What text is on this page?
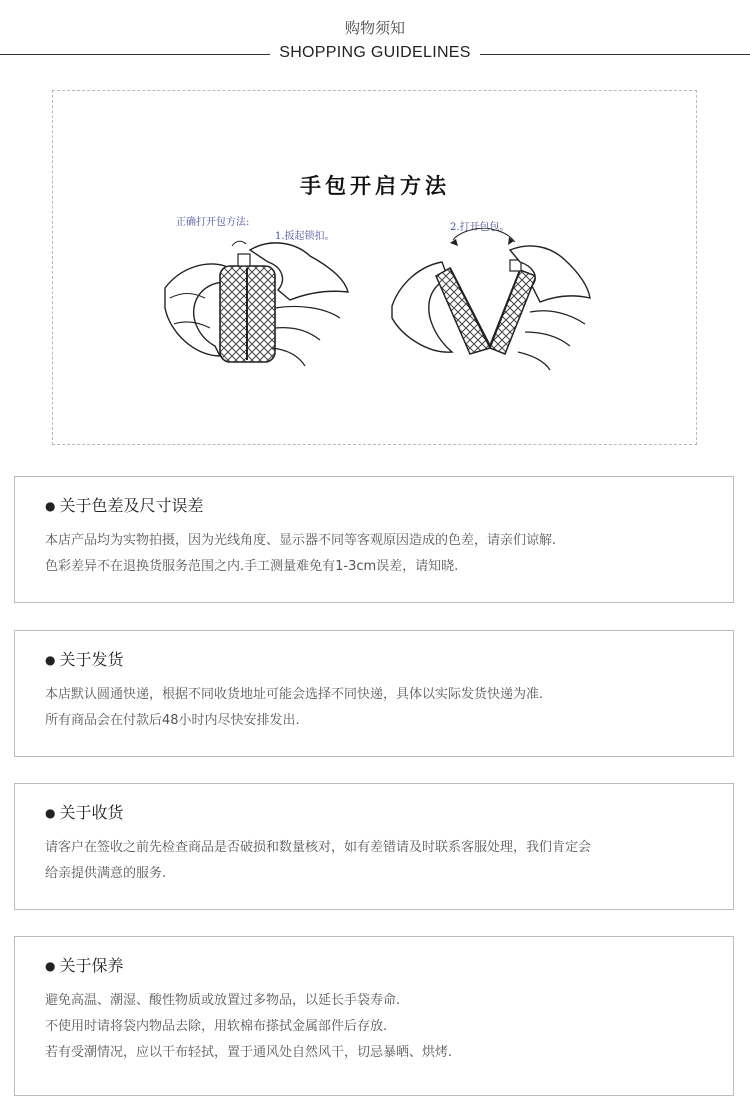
购物须知
SHOPPING GUIDELINES
手包开启方法
正确打开包方法:
1.扳起锁扣。
2.打开包包。
● 关于色差及尺寸误差
本店产品均为实物拍摄，因为光线角度、显示器不同等客观原因造成的色差，请亲们谅解.
色彩差异不在退换货服务范围之内.手工测量难免有1-3cm误差，请知晓.
● 关于发货
本店默认圆通快递，根据不同收货地址可能会选择不同快递，具体以实际发货快递为准.
所有商品会在付款后48小时内尽快安排发出.
● 关于收货
请客户在签收之前先检查商品是否破损和数量核对，如有差错请及时联系客服处理，我们肯定会
给亲提供满意的服务.
● 关于保养
避免高温、潮湿、酸性物质或放置过多物品，以延长手袋寿命.
不使用时请将袋内物品去除，用软棉布搽拭金属部件后存放.
若有受潮情况，应以干布轻拭，置于通风处自然风干，切忌暴晒、烘烤.
